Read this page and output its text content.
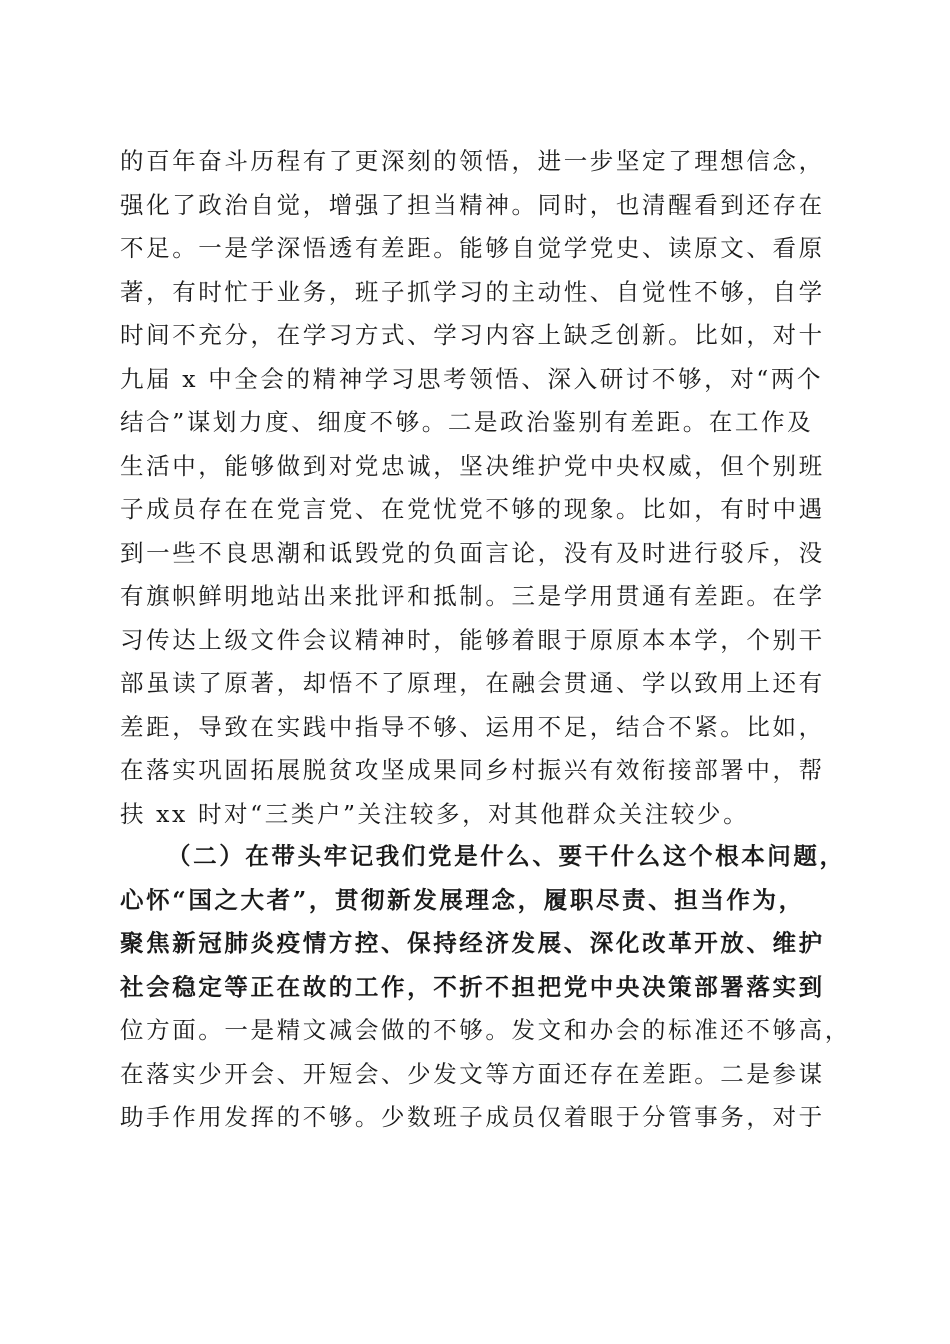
的百年奋斗历程有了更深刻的领悟，进一步坚定了理想信念，
强化了政治自觉，增强了担当精神。同时，也清醒看到还存在
不足。一是学深悟透有差距。能够自觉学党史、读原文、看原
著，有时忙于业务，班子抓学习的主动性、自觉性不够，自学
时间不充分，在学习方式、学习内容上缺乏创新。比如，对十
九届 x 中全会的精神学习思考领悟、深入研讨不够，对“两个
结合”谋划力度、细度不够。二是政治鉴别有差距。在工作及
生活中，能够做到对党忠诚，坚决维护党中央权威，但个别班
子成员存在在党言党、在党忧党不够的现象。比如，有时中遇
到一些不良思潮和诋毁党的负面言论，没有及时进行驳斥，没
有旗帜鲜明地站出来批评和抵制。三是学用贯通有差距。在学
习传达上级文件会议精神时，能够着眼于原原本本学，个别干
部虽读了原著，却悟不了原理，在融会贯通、学以致用上还有
差距，导致在实践中指导不够、运用不足，结合不紧。比如，
在落实巩固拓展脱贫攻坚成果同乡村振兴有效衔接部署中，帮
扶 xx 时对“三类户”关注较多，对其他群众关注较少。
（二）在带头牢记我们党是什么、要干什么这个根本问题，
心怀“国之大者”，贯彻新发展理念，履职尽责、担当作为，
聚焦新冠肺炎疫情方控、保持经济发展、深化改革开放、维护
社会稳定等正在故的工作，不折不担把党中央决策部署落实到
位方面。一是精文减会做的不够。发文和办会的标准还不够高，
在落实少开会、开短会、少发文等方面还存在差距。二是参谋
助手作用发挥的不够。少数班子成员仅着眼于分管事务，对于
